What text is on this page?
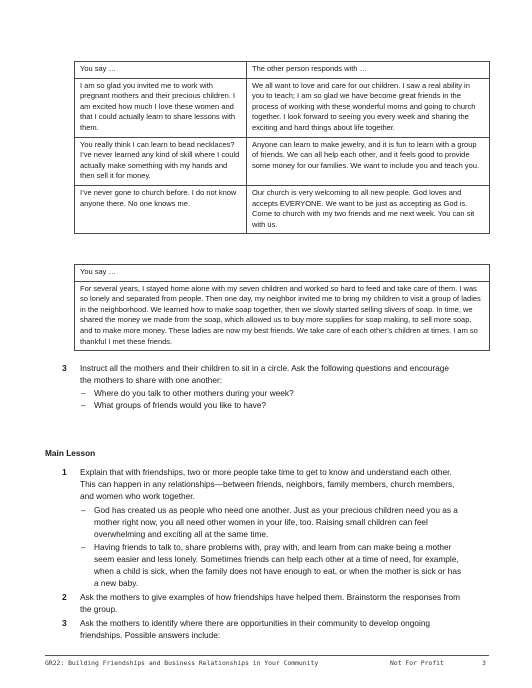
You say …	The other person responds with …
I am so glad you invited me to work with pregnant mothers and their precious children. I am excited how much I love these women and that I could actually learn to share lessons with them.	We all want to love and care for our children. I saw a real ability in you to teach; I am so glad we have become great friends in the process of working with these wonderful moms and going to church together. I look forward to seeing you every week and sharing the exciting and hard things about life together.
You really think I can learn to bead necklaces? I’ve never learned any kind of skill where I could actually make something with my hands and then sell it for money.	Anyone can learn to make jewelry, and it is fun to learn with a group of friends. We can all help each other, and it feels good to provide some money for our families. We want to include you and teach you.
I’ve never gone to church before. I do not know anyone there. No one knows me.	Our church is very welcoming to all new people. God loves and accepts EVERYONE. We want to be just as accepting as God is. Come to church with my two friends and me next week. You can sit with us.
You say …
For several years, I stayed home alone with my seven children and worked so hard to feed and take care of them. I was so lonely and separated from people. Then one day, my neighbor invited me to bring my children to visit a group of ladies in the neighborhood. We learned how to make soap together, then we slowly started selling slivers of soap. In time, we shared the money we made from the soap, which allowed us to buy more supplies for soap making, to sell more soap, and to make more money. These ladies are now my best friends. We take care of each other’s children at times. I am so thankful I met these friends.
3 Instruct all the mothers and their children to sit in a circle. Ask the following questions and encourage
the mothers to share with one another:
– Where do you talk to other mothers during your week?
– What groups of friends would you like to have?
Main Lesson
1 Explain that with friendships, two or more people take time to get to know and understand each other.
This can happen in any relationships—between friends, neighbors, family members, church members,
and women who work together.
– God has created us as people who need one another. Just as your precious children need you as a
mother right now, you all need other women in your life, too. Raising small children can feel
overwhelming and exciting all at the same time.
– Having friends to talk to, share problems with, pray with, and learn from can make being a mother
seem easier and less lonely. Sometimes friends can help each other at a time of need, for example,
when a child is sick, when the family does not have enough to eat, or when the mother is sick or has
a new baby.
2 Ask the mothers to give examples of how friendships have helped them. Brainstorm the responses from
the group.
3 Ask the mothers to identify where there are opportunities in their community to develop ongoing
friendships. Possible answers include:
GR22: Building Friendships and Business Relationships in Your Community	Not For Profit	3
